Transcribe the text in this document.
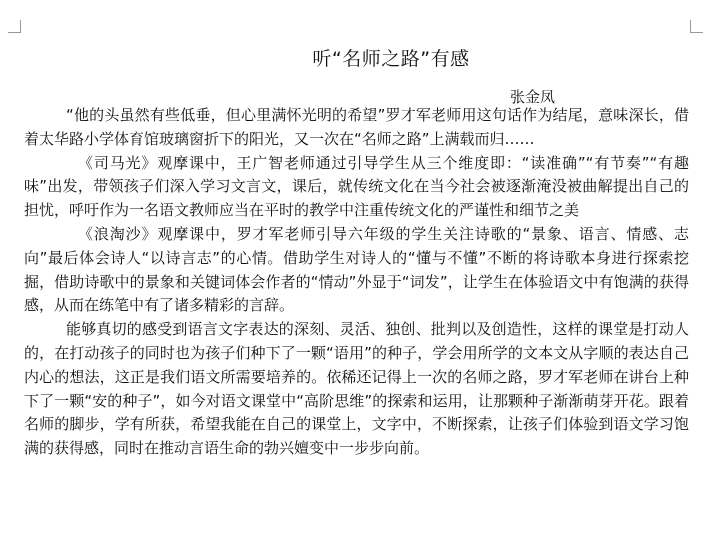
听“名师之路”有感
张金凤

“他的头虽然有些低垂，但心里满怀光明的希望”罗才军老师用这句话作为结尾，意味深长，借着太华路小学体育馆玻璃窗折下的阳光，又一次在“名师之路”上满载而归……

《司马光》观摩课中，王广智老师通过引导学生从三个维度即：“读准确”“有节奏”“有趣味”出发，带领孩子们深入学习文言文，课后，就传统文化在当今社会被逐渐淹没被曲解提出自己的担忧，呼吁作为一名语文教师应当在平时的教学中注重传统文化的严谨性和细节之美

《浪淘沙》观摩课中，罗才军老师引导六年级的学生关注诗歌的“景象、语言、情感、志向”最后体会诗人“以诗言志”的心情。借助学生对诗人的“懂与不懂”不断的将诗歌本身进行探索挖掘，借助诗歌中的景象和关键词体会作者的“情动”外显于“词发”，让学生在体验语文中有饱满的获得感，从而在练笔中有了诸多精彩的言辞。

能够真切的感受到语言文字表达的深刻、灵活、独创、批判以及创造性，这样的课堂是打动人的，在打动孩子的同时也为孩子们种下了一颗“语用”的种子，学会用所学的文本文从字顺的表达自己内心的想法，这正是我们语文所需要培养的。依稀还记得上一次的名师之路，罗才军老师在讲台上种下了一颗“安的种子”，如今对语文课堂中“高阶思维”的探索和运用，让那颗种子渐渐萌芽开花。跟着名师的脚步，学有所获，希望我能在自己的课堂上，文字中，不断探索，让孩子们体验到语文学习饱满的获得感，同时在推动言语生命的勃兴嬗变中一步步向前。
